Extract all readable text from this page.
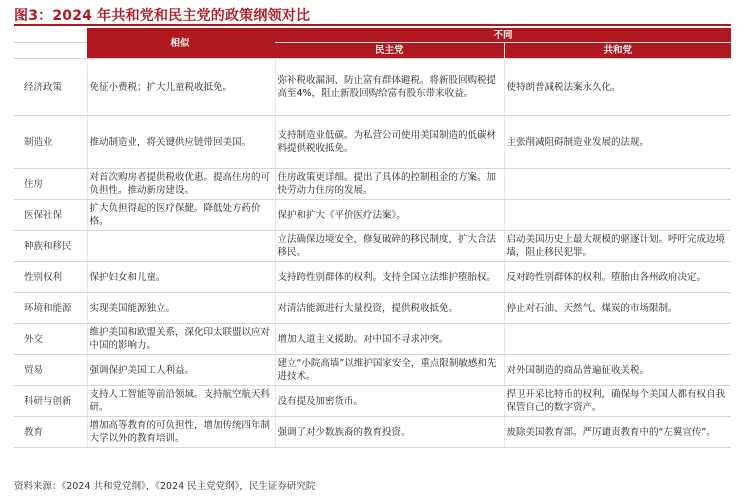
图3：2024 年共和党和民主党的政策纲领对比
	相似	不同	
		民主党	共和党
经济政策	免征小费税；扩大儿童税收抵免。	弥补税收漏洞、防止富有群体避税。将新股回购税提高至4%，阻止新股回购给富有股东带来收益。	使特朗普减税法案永久化。
制造业	推动制造业，将关键供应链带回美国。	支持制造业低碳。为私营公司使用美国制造的低碳材料提供税收抵免。	主张削减阻碍制造业发展的法规。
住房	对首次购房者提供税收优惠。提高住房的可负担性。推动新房建设。	住房政策更详细。提出了具体的控制租金的方案。加快劳动力住房的发展。	
医保社保	扩大负担得起的医疗保健。降低处方药价格。	保护和扩大《平价医疗法案》。	
种族和移民		立法确保边境安全，修复破碎的移民制度，扩大合法移民。	启动美国历史上最大规模的驱逐计划。呼吁完成边境墙，阻止移民犯罪。
性别权利	保护妇女和儿童。	支持跨性别群体的权利。支持全国立法维护堕胎权。	反对跨性别群体的权利。堕胎由各州政府决定。
环境和能源	实现美国能源独立。	对清洁能源进行大量投资，提供税收抵免。	停止对石油、天然气、煤炭的市场限制。
外交	维护美国和欧盟关系，深化印太联盟以应对中国的影响力。	增加人道主义援助。对中国不寻求冲突。	
贸易	强调保护美国工人利益。	建立“小院高墙”以维护国家安全，重点限制敏感和先进技术。	对外国制造的商品普遍征收关税。
科研与创新	支持人工智能等前沿领域。支持航空航天科研。	没有提及加密货币。	捍卫开采比特币的权利，确保每个美国人都有权自我保管自己的数字资产。
教育	增加高等教育的可负担性，增加传统四年制大学以外的教育培训。	强调了对少数族裔的教育投资。	废除美国教育部。严厉谴责教育中的“左翼宣传”。
资料来源：《2024 共和党党纲》，《2024 民主党党纲》，民生证券研究院
